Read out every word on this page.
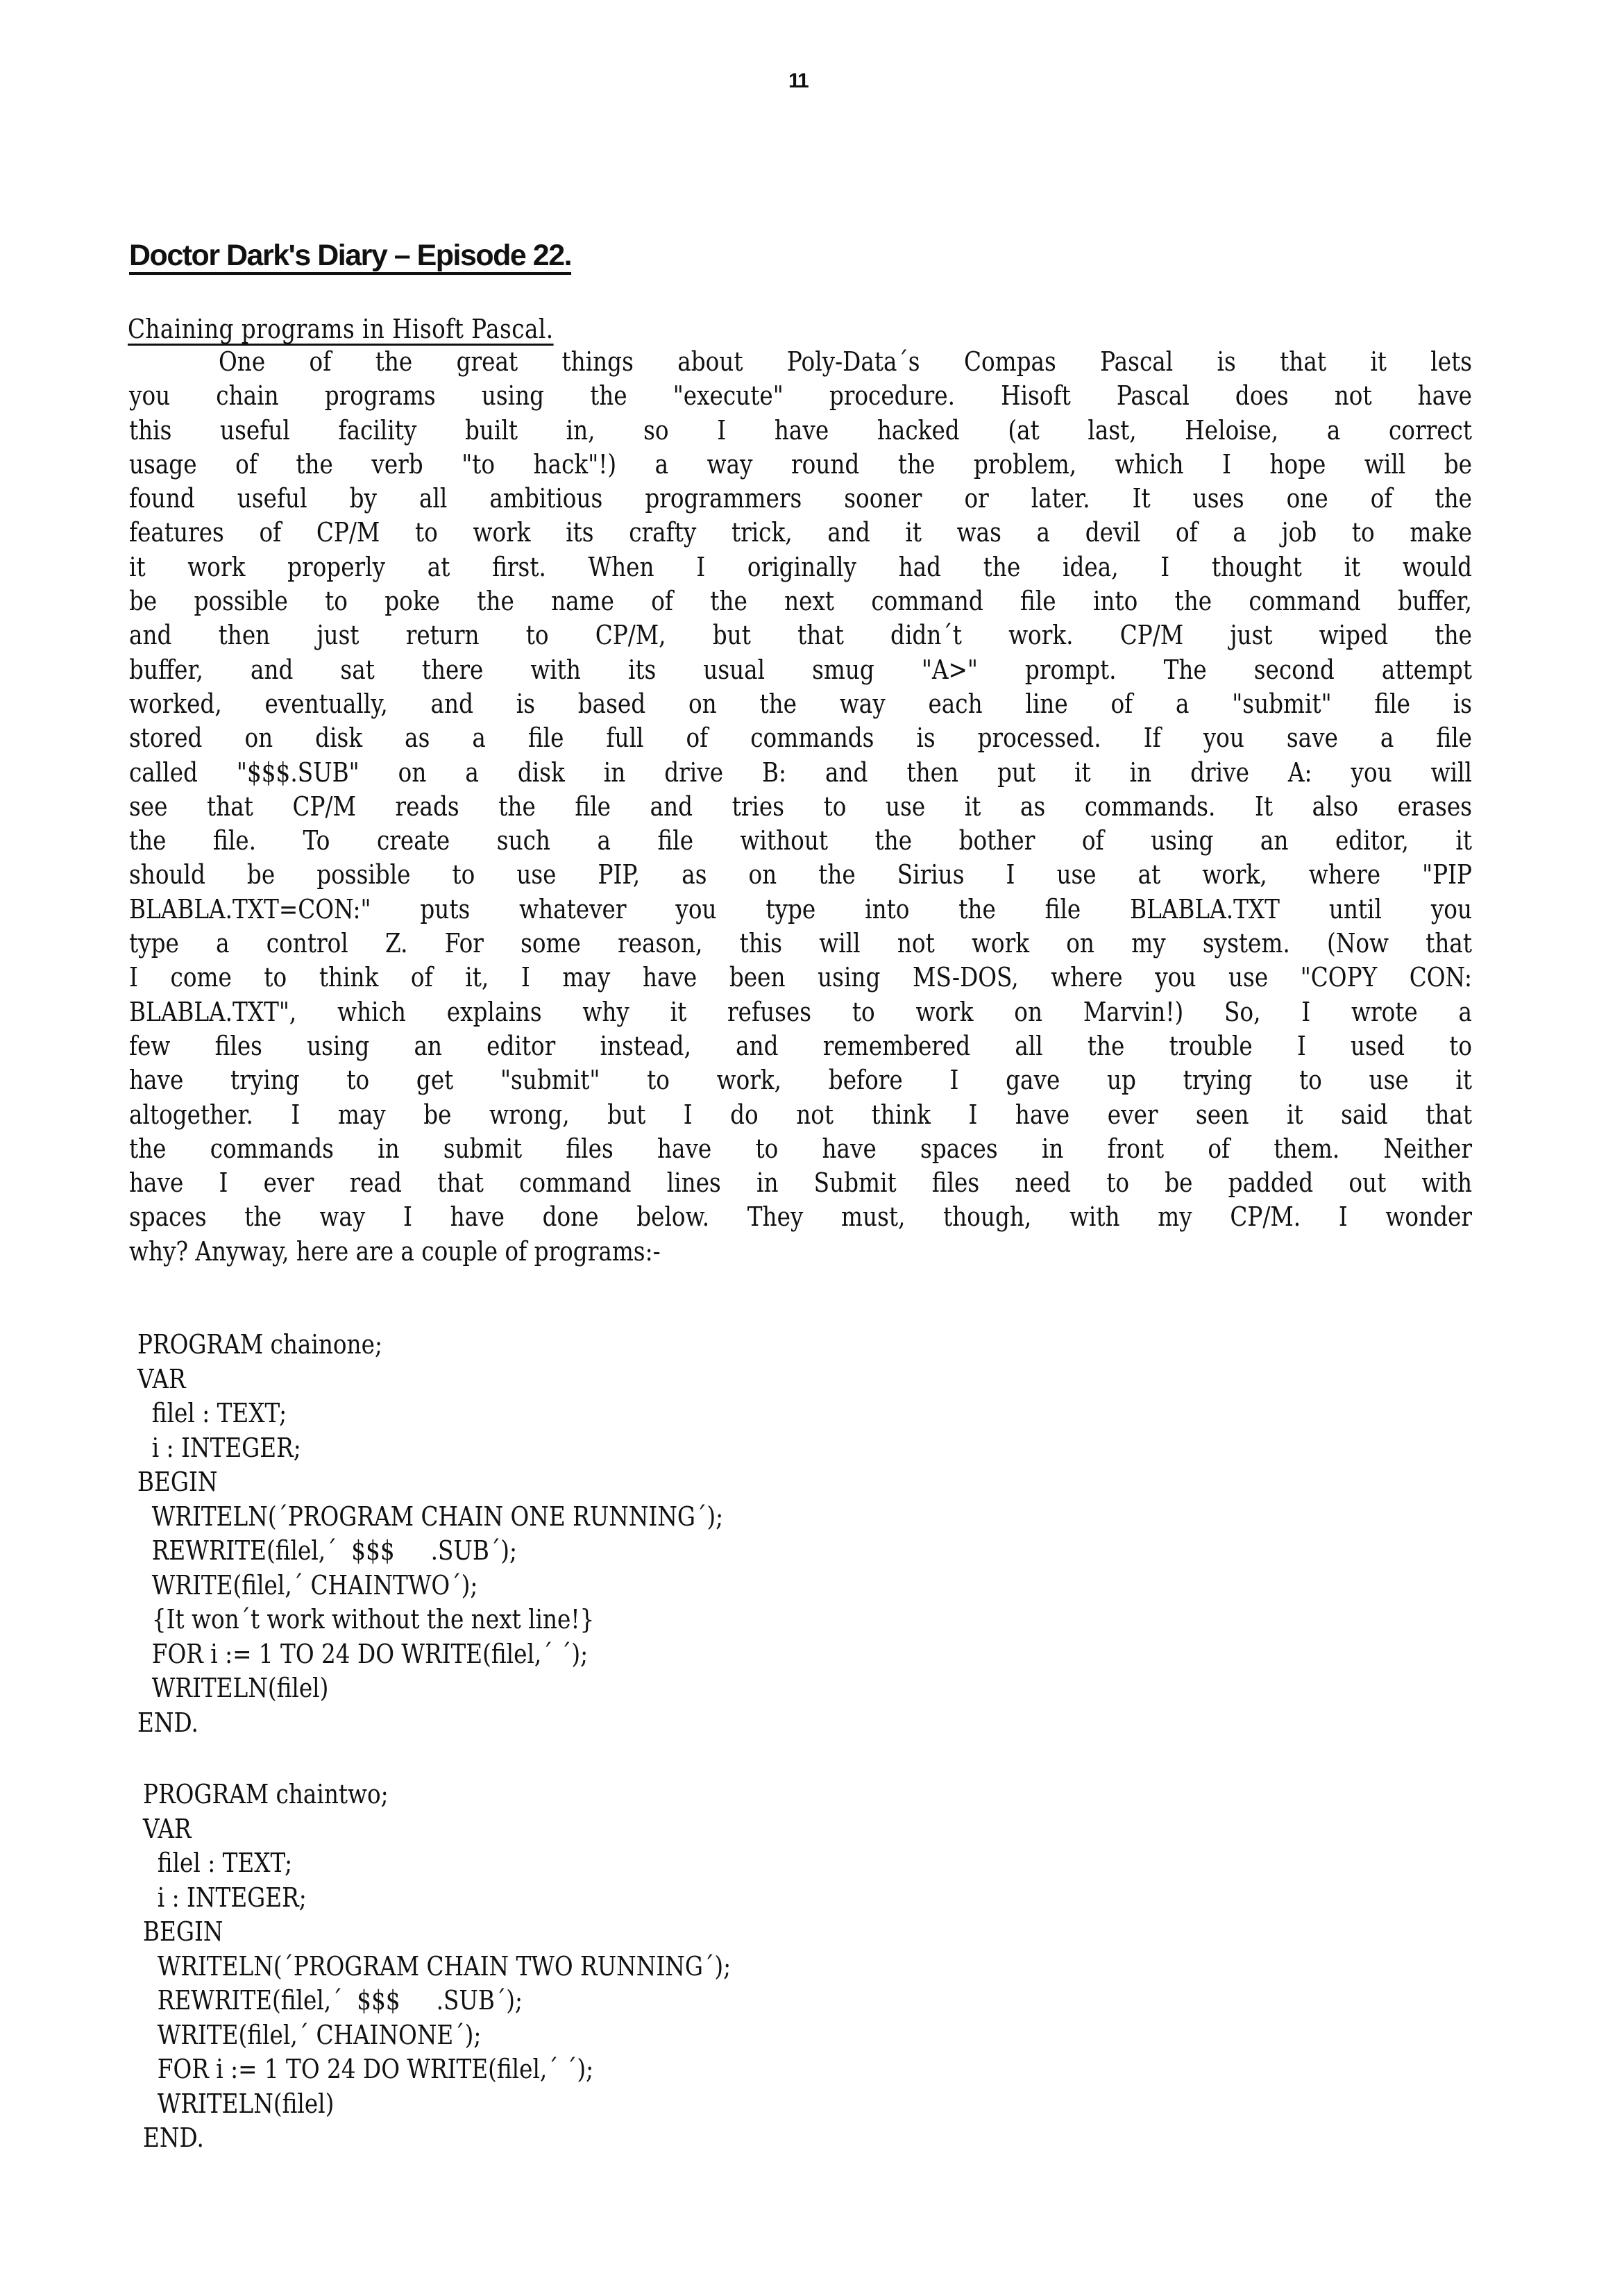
11
Doctor Dark's Diary – Episode 22.
Chaining programs in Hisoft Pascal.
One of the great things about Poly-Data´s Compas Pascal is that it lets
you chain programs using the "execute" procedure. Hisoft Pascal does not have
this useful facility built in, so I have hacked (at last, Heloise, a correct
usage of the verb "to hack"!) a way round the problem, which I hope will be
found useful by all ambitious programmers sooner or later. It uses one of the
features of CP/M to work its crafty trick, and it was a devil of a job to make
it work properly at first. When I originally had the idea, I thought it would
be possible to poke the name of the next command file into the command buffer,
and then just return to CP/M, but that didn´t work. CP/M just wiped the
buffer, and sat there with its usual smug "A>" prompt. The second attempt
worked, eventually, and is based on the way each line of a "submit" file is
stored on disk as a file full of commands is processed. If you save a file
called "$$$.SUB" on a disk in drive B: and then put it in drive A: you will
see that CP/M reads the file and tries to use it as commands. It also erases
the file. To create such a file without the bother of using an editor, it
should be possible to use PIP, as on the Sirius I use at work, where "PIP
BLABLA.TXT=CON:" puts whatever you type into the file BLABLA.TXT until you
type a control Z. For some reason, this will not work on my system. (Now that
I come to think of it, I may have been using MS-DOS, where you use "COPY CON:
BLABLA.TXT", which explains why it refuses to work on Marvin!) So, I wrote a
few files using an editor instead, and remembered all the trouble I used to
have trying to get "submit" to work, before I gave up trying to use it
altogether. I may be wrong, but I do not think I have ever seen it said that
the commands in submit files have to have spaces in front of them. Neither
have I ever read that command lines in Submit files need to be padded out with
spaces the way I have done below. They must, though, with my CP/M. I wonder
why? Anyway, here are a couple of programs:-
PROGRAM chainone;
VAR
filel : TEXT;
i : INTEGER;
BEGIN
WRITELN(´PROGRAM CHAIN ONE RUNNING´);
REWRITE(filel,´  $$$     .SUB´);
WRITE(filel,´ CHAINTWO´);
{It won´t work without the next line!}
FOR i := 1 TO 24 DO WRITE(filel,´ ´);
WRITELN(filel)
END.
PROGRAM chaintwo;
VAR
filel : TEXT;
i : INTEGER;
BEGIN
WRITELN(´PROGRAM CHAIN TWO RUNNING´);
REWRITE(filel,´  $$$     .SUB´);
WRITE(filel,´ CHAINONE´);
FOR i := 1 TO 24 DO WRITE(filel,´ ´);
WRITELN(filel)
END.
